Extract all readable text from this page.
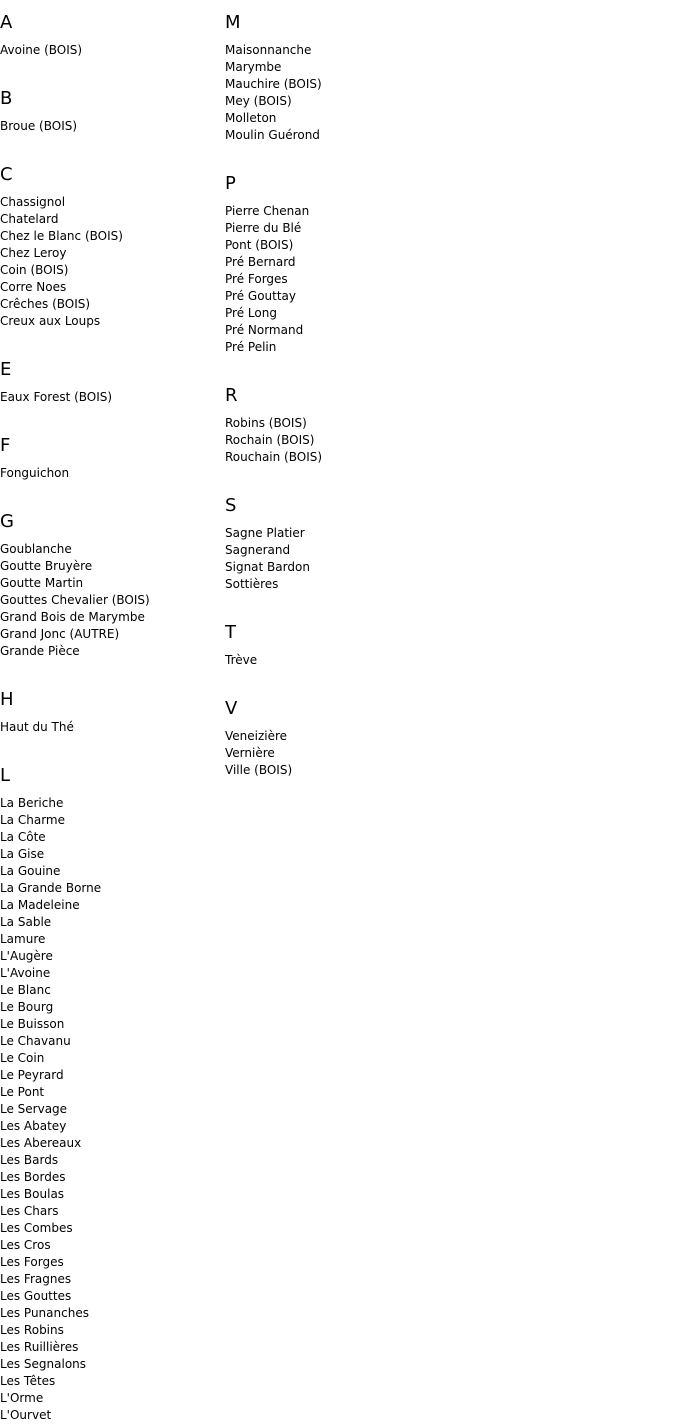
A
Avoine (BOIS)
B
Broue (BOIS)
C
Chassignol
Chatelard
Chez le Blanc (BOIS)
Chez Leroy
Coin (BOIS)
Corre Noes
Crêches (BOIS)
Creux aux Loups
E
Eaux Forest (BOIS)
F
Fonguichon
G
Goublanche
Goutte Bruyère
Goutte Martin
Gouttes Chevalier (BOIS)
Grand Bois de Marymbe
Grand Jonc (AUTRE)
Grande Pièce
H
Haut du Thé
L
La Beriche
La Charme
La Côte
La Gise
La Gouine
La Grande Borne
La Madeleine
La Sable
Lamure
L'Augère
L'Avoine
Le Blanc
Le Bourg
Le Buisson
Le Chavanu
Le Coin
Le Peyrard
Le Pont
Le Servage
Les Abatey
Les Abereaux
Les Bards
Les Bordes
Les Boulas
Les Chars
Les Combes
Les Cros
Les Forges
Les Fragnes
Les Gouttes
Les Punanches
Les Robins
Les Ruillières
Les Segnalons
Les Têtes
L'Orme
L'Ourvet
M
Maisonnanche
Marymbe
Mauchire (BOIS)
Mey (BOIS)
Molleton
Moulin Guérond
P
Pierre Chenan
Pierre du Blé
Pont (BOIS)
Pré Bernard
Pré Forges
Pré Gouttay
Pré Long
Pré Normand
Pré Pelin
R
Robins (BOIS)
Rochain (BOIS)
Rouchain (BOIS)
S
Sagne Platier
Sagnerand
Signat Bardon
Sottières
T
Trève
V
Veneizière
Vernière
Ville (BOIS)
